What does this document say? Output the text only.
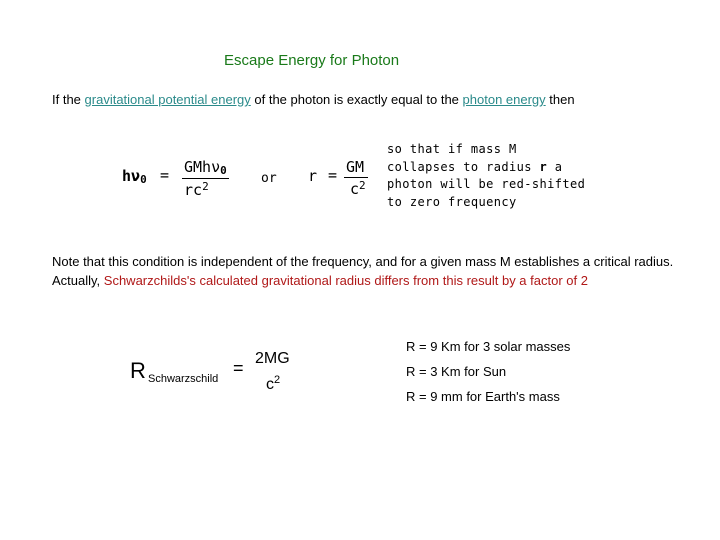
Escape Energy for Photon
If the gravitational potential energy of the photon is exactly equal to the photon energy then
hν0 = GMhν0
$rc^2$
or $r = \frac{GM}{c^2}$
so that if mass M
collapses to radius r a
photon will be red-shifted
to zero frequency
Note that this condition is independent of the frequency, and for a given mass M establishes a critical radius. Actually, Schwarzchilds's calculated gravitational radius differs from this result by a factor of 2
R Schwarzschild
= 2MG
$c^2$
R = 9 Km for 3 solar masses
R = 3 Km for Sun
R = 9 mm for Earth's mass
